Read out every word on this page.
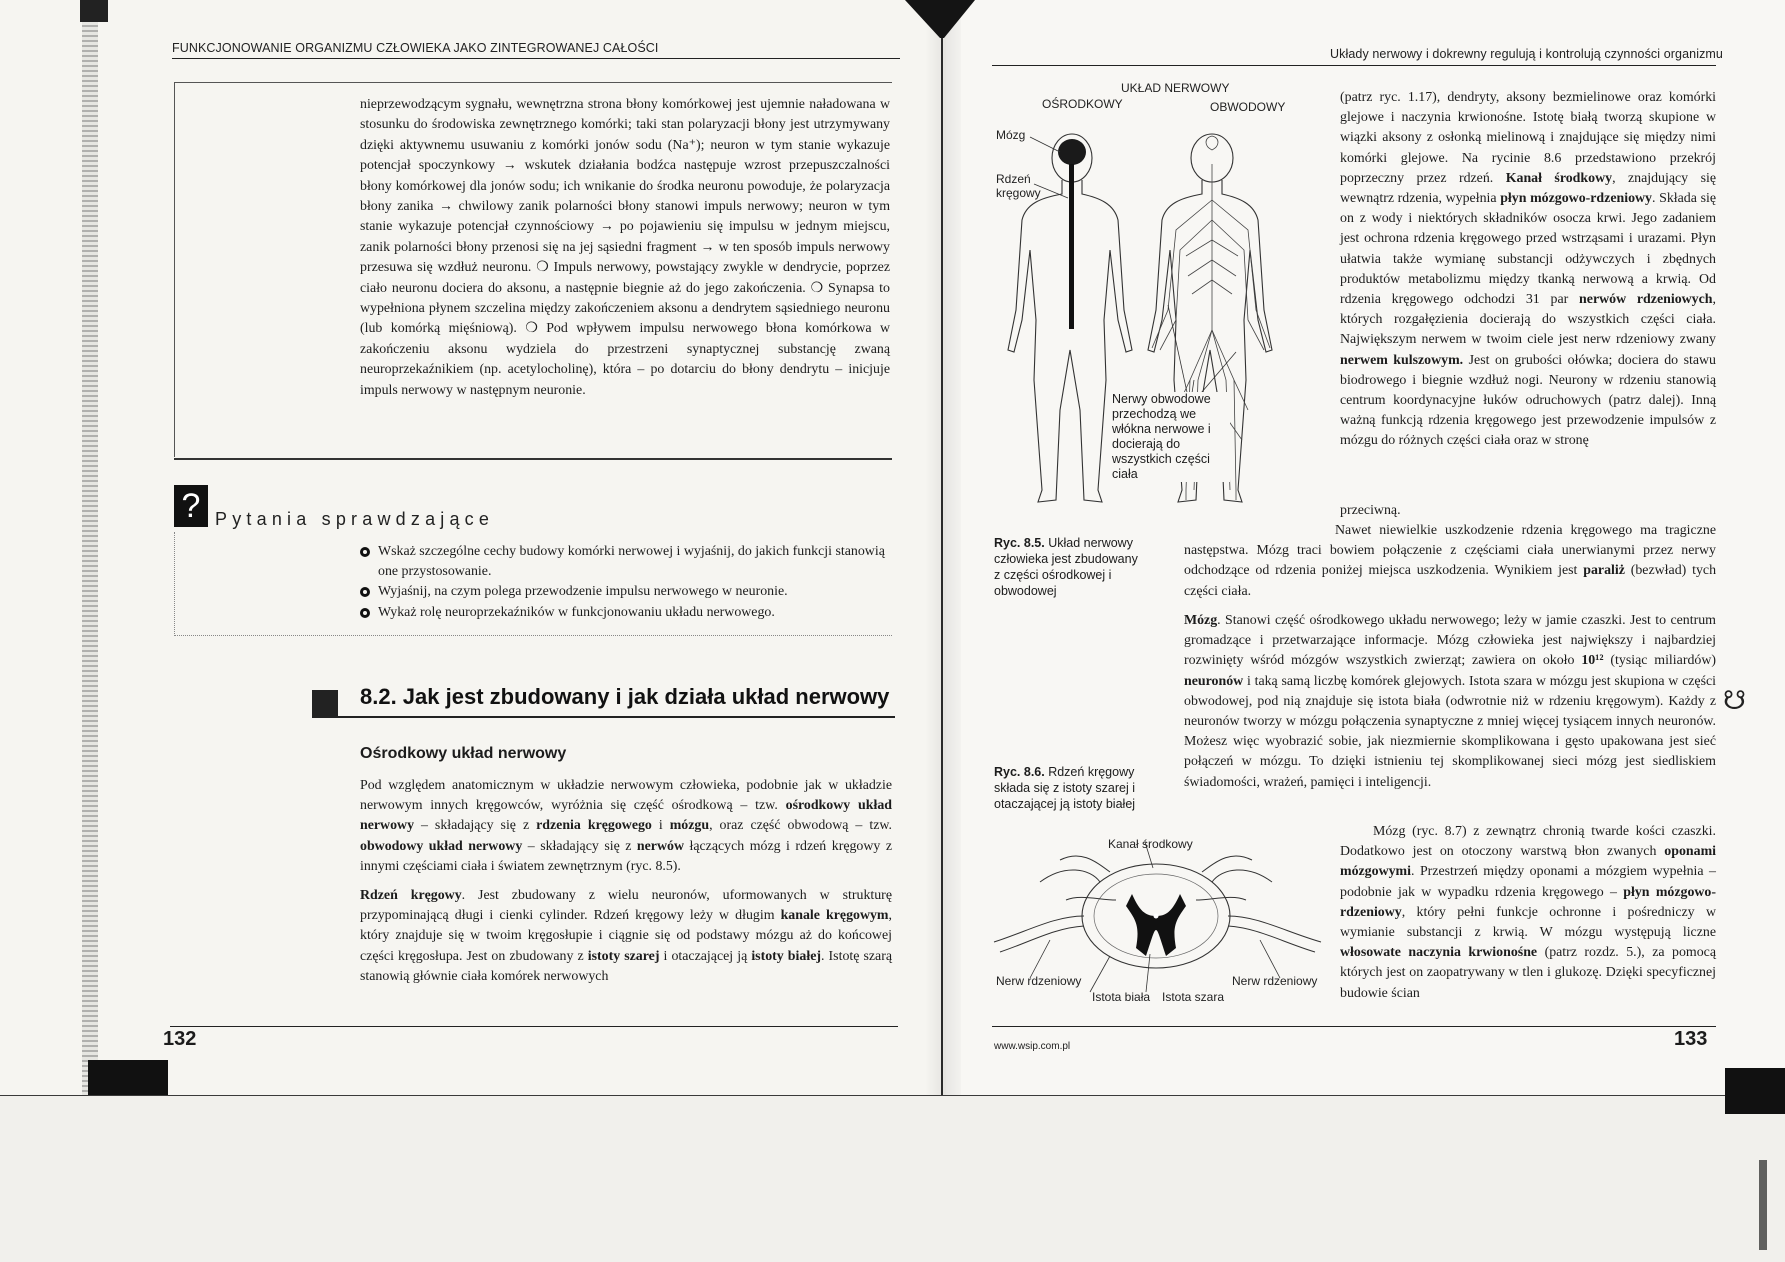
FUNKCJONOWANIE ORGANIZMU CZŁOWIEKA JAKO ZINTEGROWANEJ CAŁOŚCI

nieprzewodzącym sygnału, wewnętrzna strona błony komórkowej jest ujemnie naładowana w stosunku do środowiska zewnętrznego komórki; taki stan polaryzacji błony jest utrzymywany dzięki aktywnemu usuwaniu z komórki jonów sodu (Na⁺); neuron w tym stanie wykazuje potencjał spoczynkowy → wskutek działania bodźca następuje wzrost przepuszczalności błony komórkowej dla jonów sodu; ich wnikanie do środka neuronu powoduje, że polaryzacja błony zanika → chwilowy zanik polarności błony stanowi impuls nerwowy; neuron w tym stanie wykazuje potencjał czynnościowy → po pojawieniu się impulsu w jednym miejscu, zanik polarności błony przenosi się na jej sąsiedni fragment → w ten sposób impuls nerwowy przesuwa się wzdłuż neuronu. ❍ Impuls nerwowy, powstający zwykle w dendrycie, poprzez ciało neuronu dociera do aksonu, a następnie biegnie aż do jego zakończenia. ❍ Synapsa to wypełniona płynem szczelina między zakończeniem aksonu a dendrytem sąsiedniego neuronu (lub komórką mięśniową). ❍ Pod wpływem impulsu nerwowego błona komórkowa w zakończeniu aksonu wydziela do przestrzeni synaptycznej substancję zwaną neuroprzekaźnikiem (np. acetylocholinę), która – po dotarciu do błony dendrytu – inicjuje impuls nerwowy w następnym neuronie.

? Pytania sprawdzające
Wskaż szczególne cechy budowy komórki nerwowej i wyjaśnij, do jakich funkcji stanowią one przystosowanie.
Wyjaśnij, na czym polega przewodzenie impulsu nerwowego w neuronie.
Wykaż rolę neuroprzekaźników w funkcjonowaniu układu nerwowego.
8.2. Jak jest zbudowany i jak działa układ nerwowy
Ośrodkowy układ nerwowy

Pod względem anatomicznym w układzie nerwowym człowieka, podobnie jak w układzie nerwowym innych kręgowców, wyróżnia się część ośrodkową – tzw. ośrodkowy układ nerwowy – składający się z rdzenia kręgowego i mózgu, oraz część obwodową – tzw. obwodowy układ nerwowy – składający się z nerwów łączących mózg i rdzeń kręgowy z innymi częściami ciała i światem zewnętrznym (ryc. 8.5).

Rdzeń kręgowy. Jest zbudowany z wielu neuronów, uformowanych w strukturę przypominającą długi i cienki cylinder. Rdzeń kręgowy leży w długim kanale kręgowym, który znajduje się w twoim kręgosłupie i ciągnie się od podstawy mózgu aż do końcowej części kręgosłupa. Jest on zbudowany z istoty szarej i otaczającej ją istoty białej. Istotę szarą stanowią głównie ciała komórek nerwowych

132
Układy nerwowy i dokrewny regulują i kontrolują czynności organizmu
UKŁAD NERWOWY
OŚRODKOWY	OBWODOWY
Mózg
Rdzeń
kręgowy
Nerwy obwodowe przechodzą we włókna nerwowe i docierają do wszystkich części ciała

Ryc. 8.5. Układ nerwowy człowieka jest zbudowany z części ośrodkowej i obwodowej

(patrz ryc. 1.17), dendryty, aksony bezmielinowe oraz komórki glejowe i naczynia krwionośne. Istotę białą tworzą skupione w wiązki aksony z osłonką mielinową i znajdujące się między nimi komórki glejowe. Na rycinie 8.6 przedstawiono przekrój poprzeczny przez rdzeń. Kanał środkowy, znajdujący się wewnątrz rdzenia, wypełnia płyn mózgowo-rdzeniowy. Składa się on z wody i niektórych składników osocza krwi. Jego zadaniem jest ochrona rdzenia kręgowego przed wstrząsami i urazami. Płyn ułatwia także wymianę substancji odżywczych i zbędnych produktów metabolizmu między tkanką nerwową a krwią. Od rdzenia kręgowego odchodzi 31 par nerwów rdzeniowych, których rozgałęzienia docierają do wszystkich części ciała. Największym nerwem w twoim ciele jest nerw rdzeniowy zwany nerwem kulszowym. Jest on grubości ołówka; dociera do stawu biodrowego i biegnie wzdłuż nogi. Neurony w rdzeniu stanowią centrum koordynacyjne łuków odruchowych (patrz dalej). Inną ważną funkcją rdzenia kręgowego jest przewodzenie impulsów z mózgu do różnych części ciała oraz w stronę

przeciwną.

Nawet niewielkie uszkodzenie rdzenia kręgowego ma tragiczne następstwa. Mózg traci bowiem połączenie z częściami ciała unerwianymi przez nerwy odchodzące od rdzenia poniżej miejsca uszkodzenia. Wynikiem jest paraliż (bezwład) tych części ciała.

Mózg. Stanowi część ośrodkowego układu nerwowego; leży w jamie czaszki. Jest to centrum gromadzące i przetwarzające informacje. Mózg człowieka jest największy i najbardziej rozwinięty wśród mózgów wszystkich zwierząt; zawiera on około 10¹² (tysiąc miliardów) neuronów i taką samą liczbę komórek glejowych. Istota szara w mózgu jest skupiona w części obwodowej, pod nią znajduje się istota biała (odwrotnie niż w rdzeniu kręgowym). Każdy z neuronów tworzy w mózgu połączenia synaptyczne z mniej więcej tysiącem innych neuronów. Możesz więc wyobrazić sobie, jak niezmiernie skomplikowana i gęsto upakowana jest sieć połączeń w mózgu. To dzięki istnieniu tej skomplikowanej sieci mózg jest siedliskiem świadomości, wrażeń, pamięci i inteligencji.

Ryc. 8.6. Rdzeń kręgowy składa się z istoty szarej i otaczającej ją istoty białej

Kanał środkowy
Nerw rdzeniowy	Nerw rdzeniowy
Istota biała Istota szara

Mózg (ryc. 8.7) z zewnątrz chronią twarde kości czaszki. Dodatkowo jest on otoczony warstwą błon zwanych oponami mózgowymi. Przestrzeń między oponami a mózgiem wypełnia – podobnie jak w wypadku rdzenia kręgowego – płyn mózgowo-rdzeniowy, który pełni funkcje ochronne i pośredniczy w wymianie substancji z krwią. W mózgu występują liczne włosowate naczynia krwionośne (patrz rozdz. 5.), za pomocą których jest on zaopatrywany w tlen i glukozę. Dzięki specyficznej budowie ścian

☋
www.wsip.com.pl	133
